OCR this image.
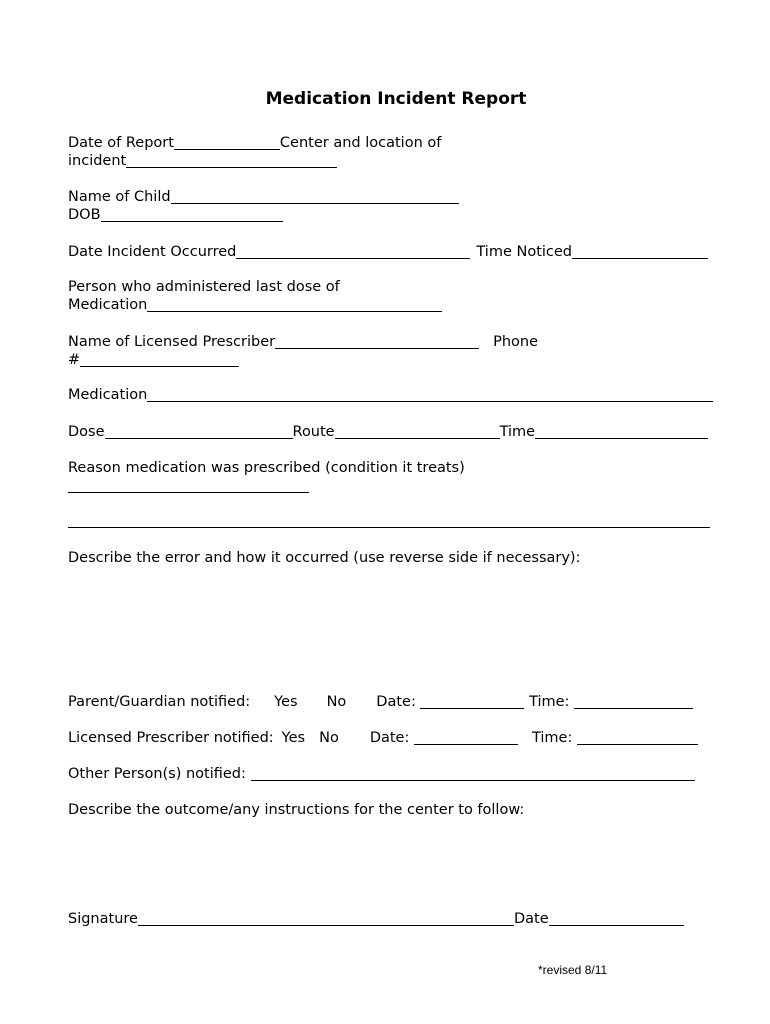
Medication Incident Report
Date of Report	Center and location of
incident
Name of Child
DOB
Date Incident Occurred	Time Noticed
Person who administered last dose of
Medication
Name of Licensed Prescriber	Phone
#
Medication
Dose	Route	Time
Reason medication was prescribed (condition it treats)
Describe the error and how it occurred (use reverse side if necessary):
Parent/Guardian notified: Yes No Date:	Time:
Licensed Prescriber notified: Yes No Date:	Time:
Other Person(s) notified:
Describe the outcome/any instructions for the center to follow:
Signature	Date
*revised 8/11
